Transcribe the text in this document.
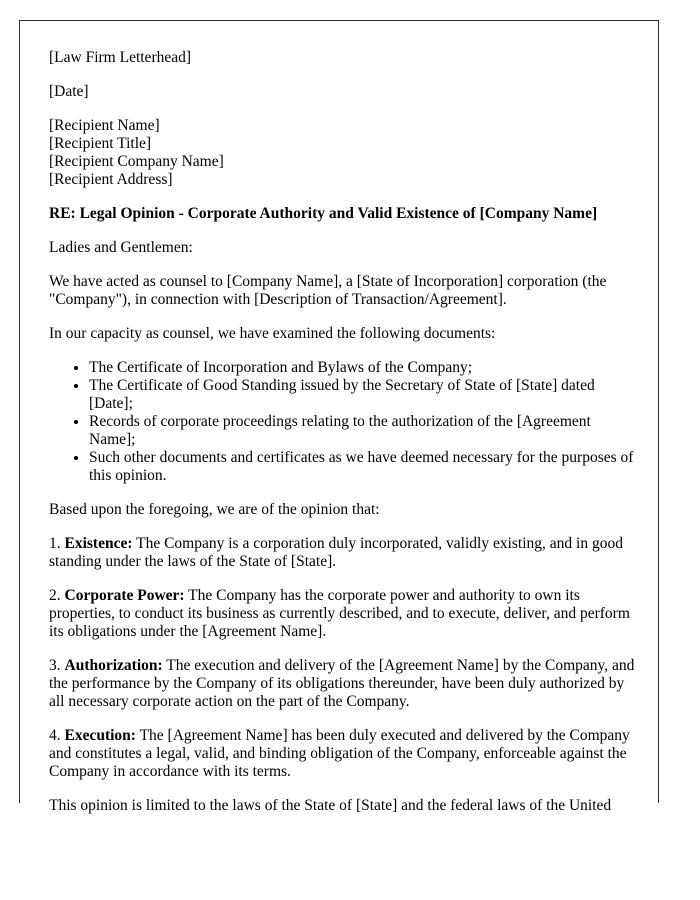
[Law Firm Letterhead]

[Date]

[Recipient Name]
[Recipient Title]
[Recipient Company Name]
[Recipient Address]

RE: Legal Opinion - Corporate Authority and Valid Existence of [Company Name]

Ladies and Gentlemen:

We have acted as counsel to [Company Name], a [State of Incorporation] corporation (the "Company"), in connection with [Description of Transaction/Agreement].

In our capacity as counsel, we have examined the following documents:

• The Certificate of Incorporation and Bylaws of the Company;
• The Certificate of Good Standing issued by the Secretary of State of [State] dated [Date];
• Records of corporate proceedings relating to the authorization of the [Agreement Name];
• Such other documents and certificates as we have deemed necessary for the purposes of this opinion.

Based upon the foregoing, we are of the opinion that:

1. Existence: The Company is a corporation duly incorporated, validly existing, and in good standing under the laws of the State of [State].

2. Corporate Power: The Company has the corporate power and authority to own its properties, to conduct its business as currently described, and to execute, deliver, and perform its obligations under the [Agreement Name].

3. Authorization: The execution and delivery of the [Agreement Name] by the Company, and the performance by the Company of its obligations thereunder, have been duly authorized by all necessary corporate action on the part of the Company.

4. Execution: The [Agreement Name] has been duly executed and delivered by the Company and constitutes a legal, valid, and binding obligation of the Company, enforceable against the Company in accordance with its terms.

This opinion is limited to the laws of the State of [State] and the federal laws of the United
